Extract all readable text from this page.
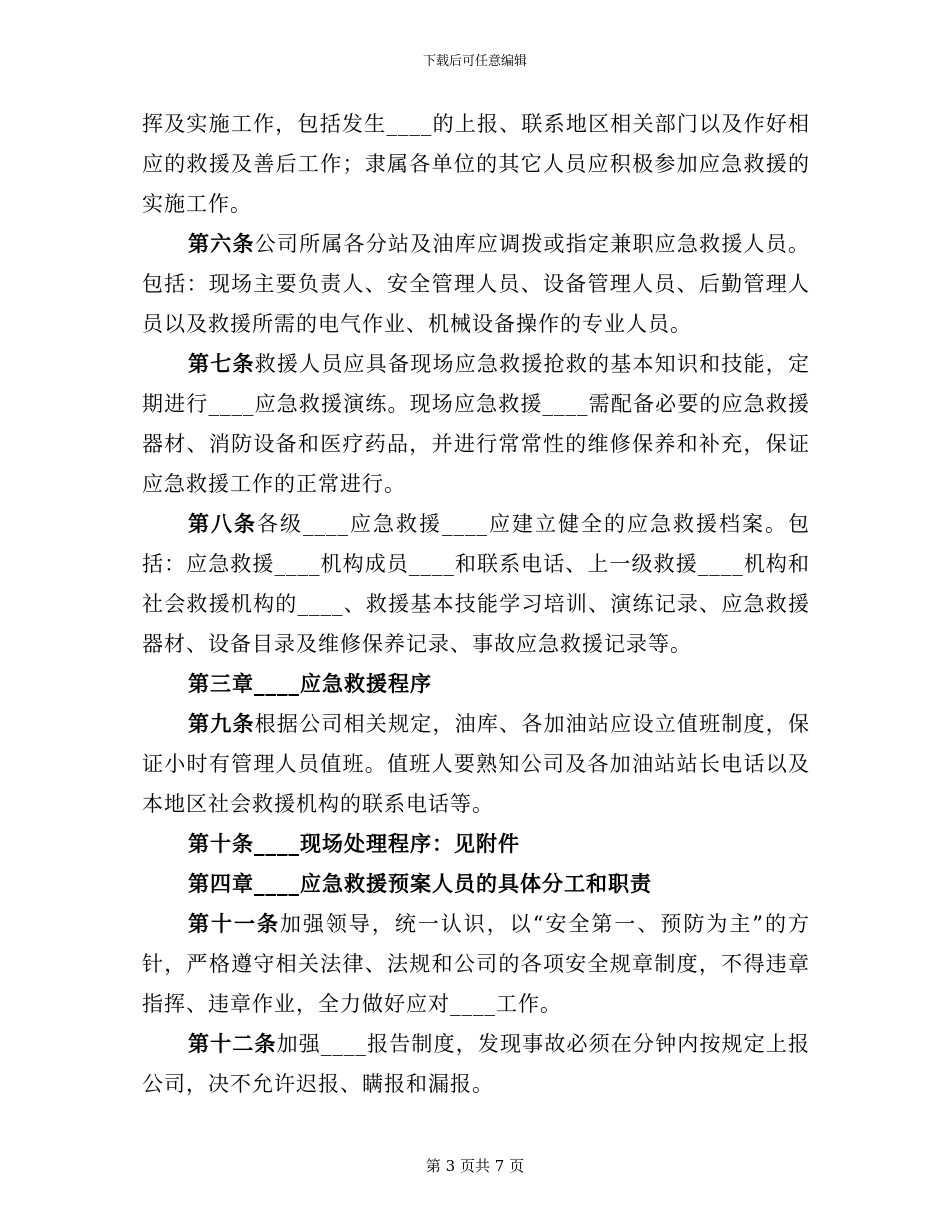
下载后可任意编辑

挥及实施工作，包括发生____的上报、联系地区相关部门以及作好相应的救援及善后工作；隶属各单位的其它人员应积极参加应急救援的实施工作。

第六条公司所属各分站及油库应调拨或指定兼职应急救援人员。包括：现场主要负责人、安全管理人员、设备管理人员、后勤管理人员以及救援所需的电气作业、机械设备操作的专业人员。

第七条救援人员应具备现场应急救援抢救的基本知识和技能，定期进行____应急救援演练。现场应急救援____需配备必要的应急救援器材、消防设备和医疗药品，并进行常常性的维修保养和补充，保证应急救援工作的正常进行。

第八条各级____应急救援____应建立健全的应急救援档案。包括：应急救援____机构成员____和联系电话、上一级救援____机构和社会救援机构的____、救援基本技能学习培训、演练记录、应急救援器材、设备目录及维修保养记录、事故应急救援记录等。

第三章____应急救援程序

第九条根据公司相关规定，油库、各加油站应设立值班制度，保证小时有管理人员值班。值班人要熟知公司及各加油站站长电话以及本地区社会救援机构的联系电话等。

第十条____现场处理程序：见附件

第四章____应急救援预案人员的具体分工和职责

第十一条加强领导，统一认识，以“安全第一、预防为主”的方针，严格遵守相关法律、法规和公司的各项安全规章制度，不得违章指挥、违章作业，全力做好应对____工作。

第十二条加强____报告制度，发现事故必须在分钟内按规定上报公司，决不允许迟报、瞒报和漏报。

第 3 页共 7 页
